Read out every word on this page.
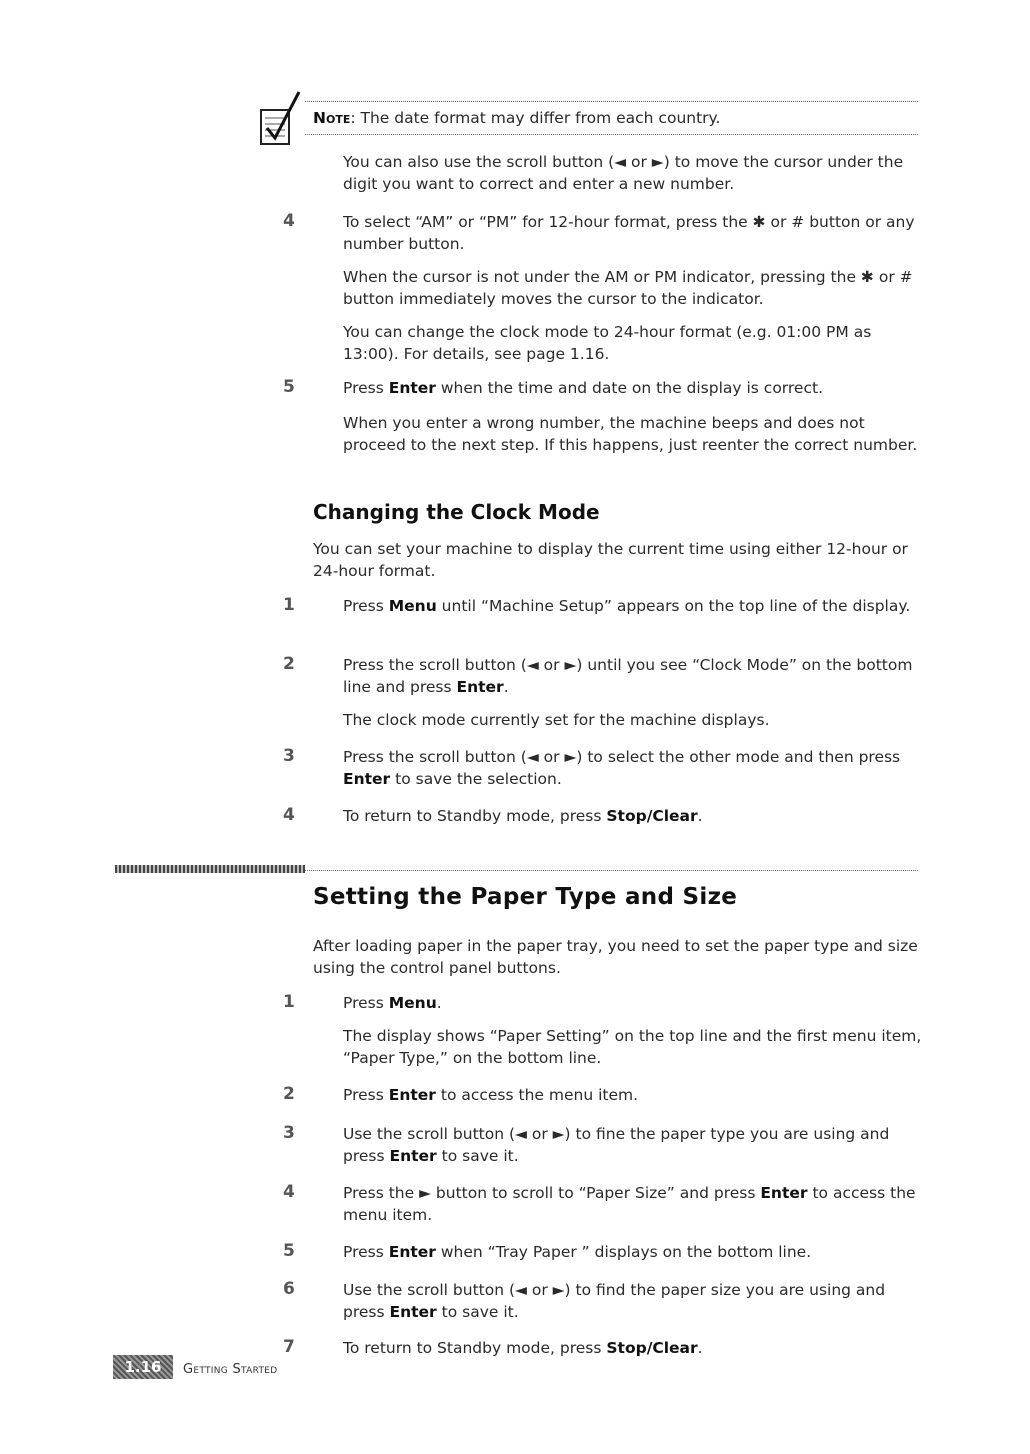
Note: The date format may differ from each country.

You can also use the scroll button (◄ or ►) to move the cursor under the digit you want to correct and enter a new number.

4	To select “AM” or “PM” for 12-hour format, press the ✱ or # button or any number button.

When the cursor is not under the AM or PM indicator, pressing the ✱ or # button immediately moves the cursor to the indicator.

You can change the clock mode to 24-hour format (e.g. 01:00 PM as 13:00). For details, see page 1.16.

5	Press Enter when the time and date on the display is correct.

When you enter a wrong number, the machine beeps and does not proceed to the next step. If this happens, just reenter the correct number.

Changing the Clock Mode

You can set your machine to display the current time using either 12-hour or 24-hour format.

1	Press Menu until “Machine Setup” appears on the top line of the display.

2	Press the scroll button (◄ or ►) until you see “Clock Mode” on the bottom line and press Enter.

The clock mode currently set for the machine displays.

3	Press the scroll button (◄ or ►) to select the other mode and then press Enter to save the selection.

4	To return to Standby mode, press Stop/Clear.

Setting the Paper Type and Size

After loading paper in the paper tray, you need to set the paper type and size using the control panel buttons.

1	Press Menu.

The display shows “Paper Setting” on the top line and the first menu item, “Paper Type,” on the bottom line.

2	Press Enter to access the menu item.

3	Use the scroll button (◄ or ►) to fine the paper type you are using and press Enter to save it.

4	Press the ► button to scroll to “Paper Size” and press Enter to access the menu item.

5	Press Enter when “Tray Paper ” displays on the bottom line.

6	Use the scroll button (◄ or ►) to find the paper size you are using and press Enter to save it.

7	To return to Standby mode, press Stop/Clear.

1.16 Getting Started
